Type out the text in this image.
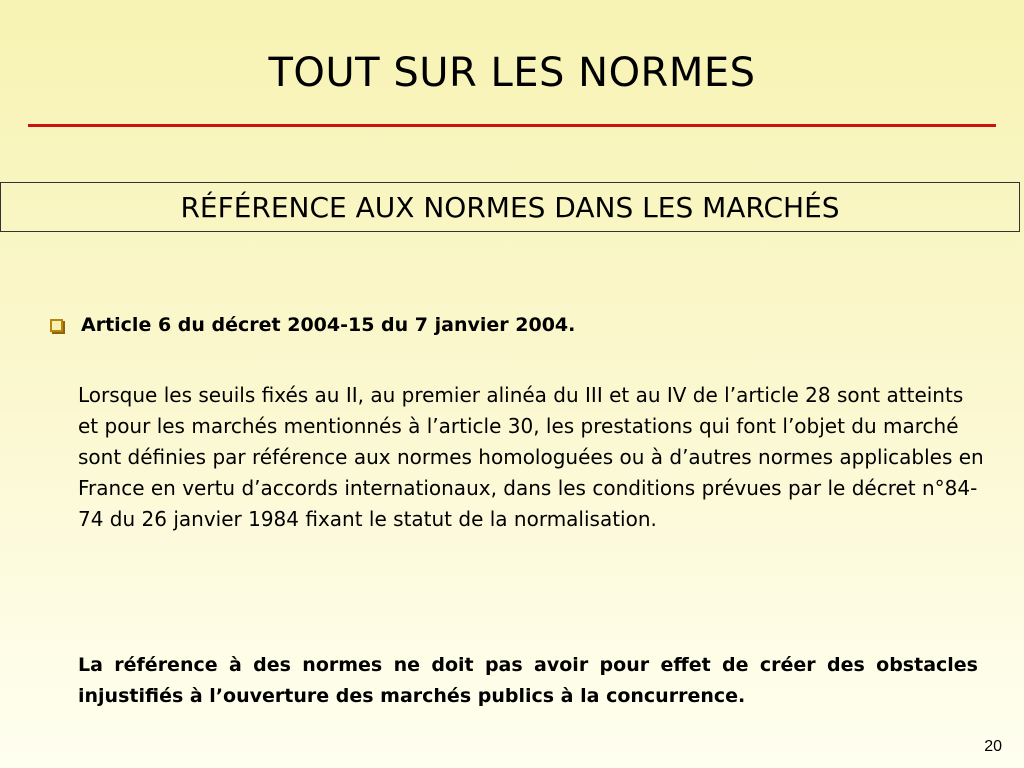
TOUT SUR LES NORMES
RÉFÉRENCE AUX NORMES DANS LES MARCHÉS
Article 6 du décret 2004-15 du 7 janvier 2004.

Lorsque les seuils fixés au II, au premier alinéa du III et au IV de l’article 28 sont atteints et pour les marchés mentionnés à l’article 30, les prestations qui font l’objet du marché sont définies par référence aux normes homologuées ou à d’autres normes applicables en France en vertu d’accords internationaux, dans les conditions prévues par le décret n°84-74 du 26 janvier 1984 fixant le statut de la normalisation.

La référence à des normes ne doit pas avoir pour effet de créer des obstacles injustifiés à l’ouverture des marchés publics à la concurrence.

20
